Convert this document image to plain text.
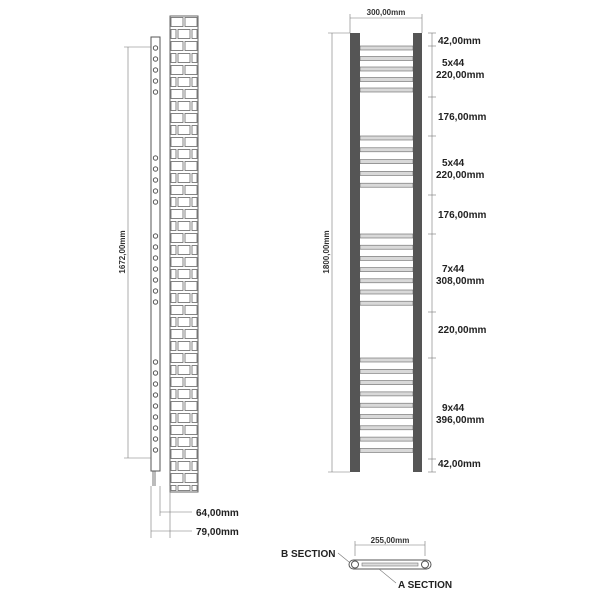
1672,00mm
64,00mm
79,00mm
300,00mm
1800,00mm
42,00mm
5x44
220,00mm
176,00mm
5x44
220,00mm
176,00mm
7x44
308,00mm
220,00mm
9x44
396,00mm
42,00mm
255,00mm
B SECTION
A SECTION
